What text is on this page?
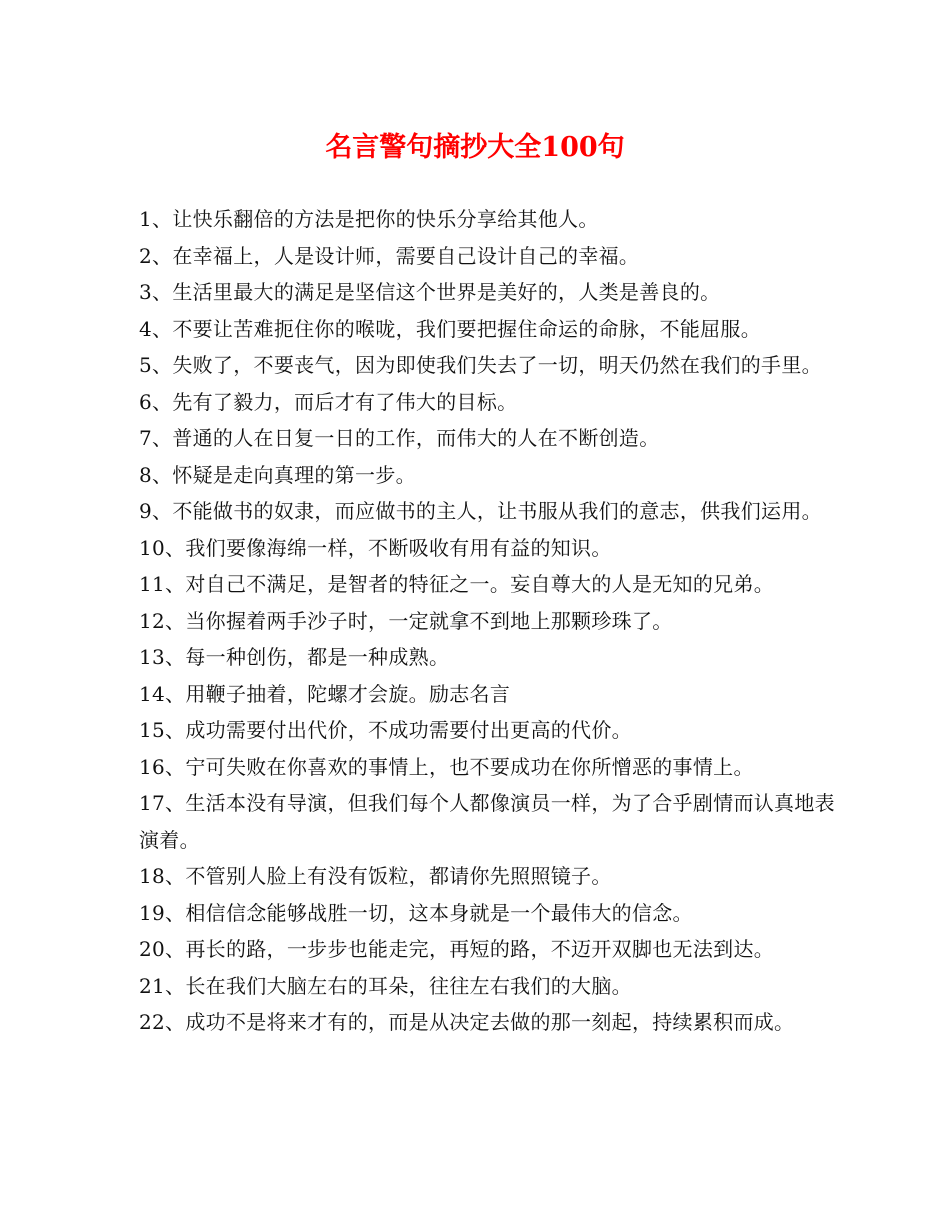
名言警句摘抄大全100句
1、让快乐翻倍的方法是把你的快乐分享给其他人。
2、在幸福上，人是设计师，需要自己设计自己的幸福。
3、生活里最大的满足是坚信这个世界是美好的，人类是善良的。
4、不要让苦难扼住你的喉咙，我们要把握住命运的命脉，不能屈服。
5、失败了，不要丧气，因为即使我们失去了一切，明天仍然在我们的手里。
6、先有了毅力，而后才有了伟大的目标。
7、普通的人在日复一日的工作，而伟大的人在不断创造。
8、怀疑是走向真理的第一步。
9、不能做书的奴隶，而应做书的主人，让书服从我们的意志，供我们运用。
10、我们要像海绵一样，不断吸收有用有益的知识。
11、对自己不满足，是智者的特征之一。妄自尊大的人是无知的兄弟。
12、当你握着两手沙子时，一定就拿不到地上那颗珍珠了。
13、每一种创伤，都是一种成熟。
14、用鞭子抽着，陀螺才会旋。励志名言
15、成功需要付出代价，不成功需要付出更高的代价。
16、宁可失败在你喜欢的事情上，也不要成功在你所憎恶的事情上。
17、生活本没有导演，但我们每个人都像演员一样，为了合乎剧情而认真地表演着。
18、不管别人脸上有没有饭粒，都请你先照照镜子。
19、相信信念能够战胜一切，这本身就是一个最伟大的信念。
20、再长的路，一步步也能走完，再短的路，不迈开双脚也无法到达。
21、长在我们大脑左右的耳朵，往往左右我们的大脑。
22、成功不是将来才有的，而是从决定去做的那一刻起，持续累积而成。
